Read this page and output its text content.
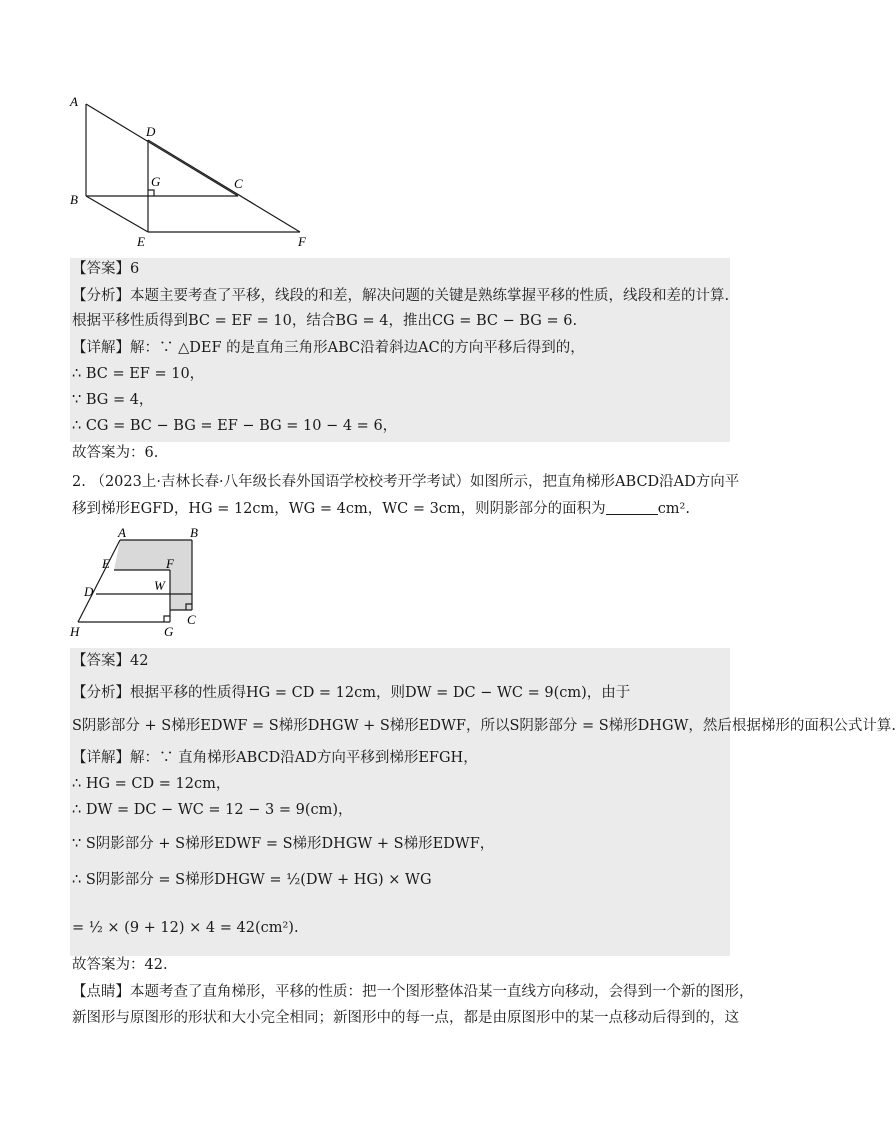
A
D
G	C
B
E	F
【答案】6
【分析】本题主要考查了平移，线段的和差，解决问题的关键是熟练掌握平移的性质，线段和差的计算.
根据平移性质得到BC = EF = 10，结合BG = 4，推出CG = BC − BG = 6.
【详解】解：∵ △DEF 的是直角三角形ABC沿着斜边AC的方向平移后得到的，
∴ BC = EF = 10，
∵ BG = 4，
∴ CG = BC − BG = EF − BG = 10 − 4 = 6，
故答案为：6.
2. （2023上·吉林长春·八年级长春外国语学校校考开学考试）如图所示，把直角梯形ABCD沿AD方向平
移到梯形EGFD，HG = 12cm，WG = 4cm，WC = 3cm，则阴影部分的面积为	cm².
A	B
E	F
D	W
C
H	G
【答案】42
【分析】根据平移的性质得HG = CD = 12cm，则DW = DC − WC = 9(cm)，由于
S阴影部分 + S梯形EDWF = S梯形DHGW + S梯形EDWF，所以S阴影部分 = S梯形DHGW，然后根据梯形的面积公式计算.
【详解】解：∵ 直角梯形ABCD沿AD方向平移到梯形EFGH，
∴ HG = CD = 12cm，
∴ DW = DC − WC = 12 − 3 = 9(cm)，
∵ S阴影部分 + S梯形EDWF = S梯形DHGW + S梯形EDWF，
∴ S阴影部分 = S梯形DHGW = ½(DW + HG) × WG
= ½ × (9 + 12) × 4 = 42(cm²).
故答案为：42.
【点睛】本题考查了直角梯形，平移的性质：把一个图形整体沿某一直线方向移动，会得到一个新的图形，
新图形与原图形的形状和大小完全相同；新图形中的每一点，都是由原图形中的某一点移动后得到的，这
